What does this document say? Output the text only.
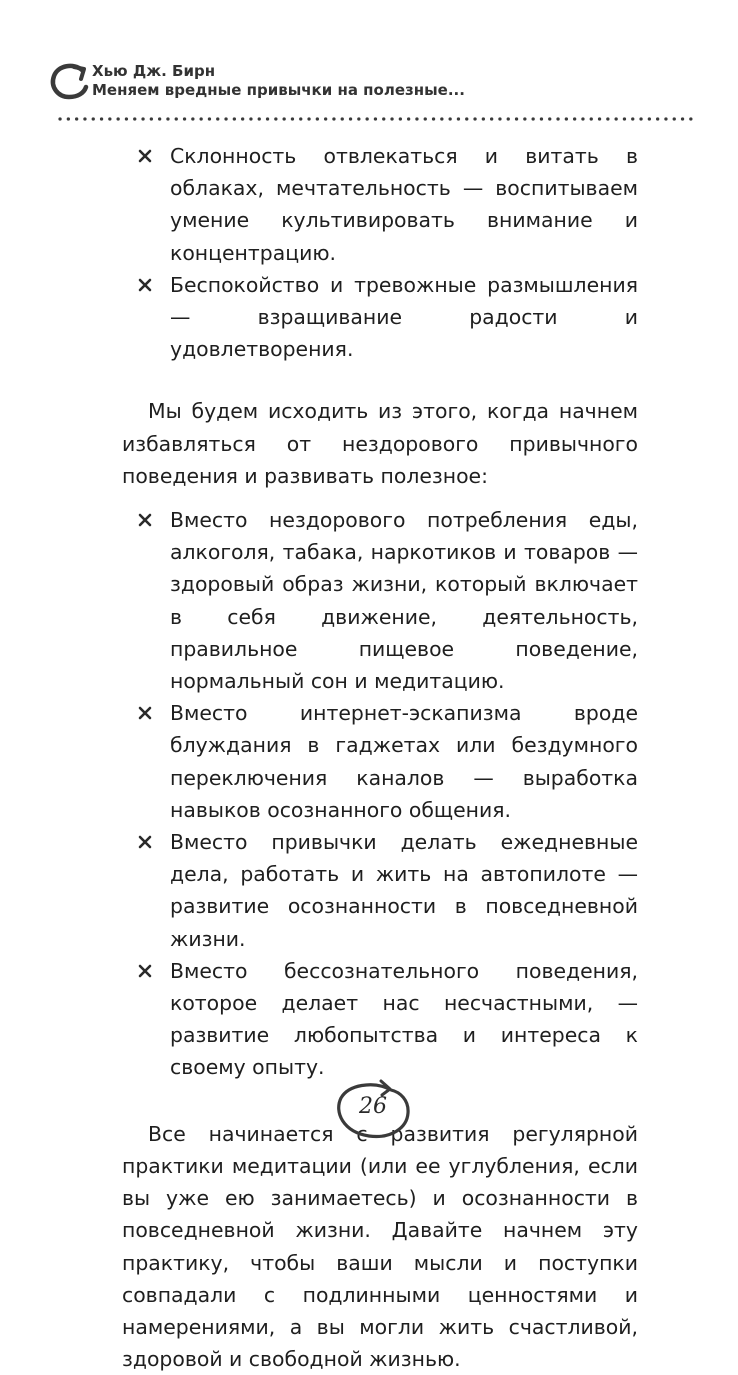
Хью Дж. Бирн
Меняем вредные привычки на полезные...
Склонность отвлекаться и витать в облаках, мечтательность — воспитываем умение культивировать внимание и концентрацию.
Беспокойство и тревожные размышления — взращивание радости и удовлетворения.

Мы будем исходить из этого, когда начнем избавляться от нездорового привычного поведения и развивать полезное:

Вместо нездорового потребления еды, алкоголя, табака, наркотиков и товаров — здоровый образ жизни, который включает в себя движение, деятельность, правильное пищевое поведение, нормальный сон и медитацию.
Вместо интернет-эскапизма вроде блуждания в гаджетах или бездумного переключения каналов — выработка навыков осознанного общения.
Вместо привычки делать ежедневные дела, работать и жить на автопилоте — развитие осознанности в повседневной жизни.
Вместо бессознательного поведения, которое делает нас несчастными, — развитие любопытства и интереса к своему опыту.

Все начинается с развития регулярной практики медитации (или ее углубления, если вы уже ею занимаетесь) и осознанности в повседневной жизни. Давайте начнем эту практику, чтобы ваши мысли и поступки совпадали с подлинными ценностями и намерениями, а вы могли жить счастливой, здоровой и свободной жизнью.

26
